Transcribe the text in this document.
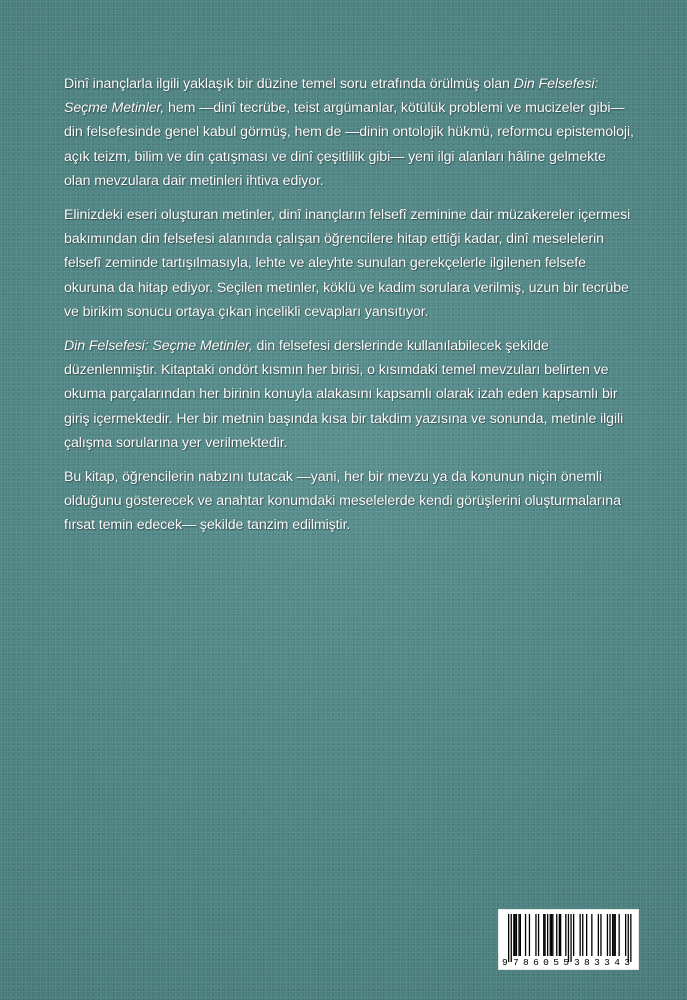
Dinî inançlarla ilgili yaklaşık bir düzine temel soru etrafında örülmüş olan Din Felsefesi: Seçme Metinler, hem —dinî tecrübe, teist argümanlar, kötülük problemi ve mucizeler gibi— din felsefesinde genel kabul görmüş, hem de —dinin ontolojik hükmü, reformcu epistemoloji, açık teizm, bilim ve din çatışması ve dinî çeşitlilik gibi— yeni ilgi alanları hâline gelmekte olan mevzulara dair metinleri ihtiva ediyor.

Elinizdeki eseri oluşturan metinler, dinî inançların felsefî zeminine dair müzakereler içermesi bakımından din felsefesi alanında çalışan öğrencilere hitap ettiği kadar, dinî meselelerin felsefî zeminde tartışılmasıyla, lehte ve aleyhte sunulan gerekçelerle ilgilenen felsefe okuruna da hitap ediyor. Seçilen metinler, köklü ve kadim sorulara verilmiş, uzun bir tecrübe ve birikim sonucu ortaya çıkan incelikli cevapları yansıtıyor.

Din Felsefesi: Seçme Metinler, din felsefesi derslerinde kullanılabilecek şekilde düzenlenmiştir. Kitaptaki ondört kısmın her birisi, o kısımdaki temel mevzuları belirten ve okuma parçalarından her birinin konuyla alakasını kapsamlı olarak izah eden kapsamlı bir giriş içermektedir. Her bir metnin başında kısa bir takdim yazısına ve sonunda, metinle ilgili çalışma sorularına yer verilmektedir.

Bu kitap, öğrencilerin nabzını tutacak —yani, her bir mevzu ya da konunun niçin önemli olduğunu gösterecek ve anahtar konumdaki meselelerde kendi görüşlerini oluşturmalarına fırsat temin edecek— şekilde tanzim edilmiştir.

9 786055 383343
